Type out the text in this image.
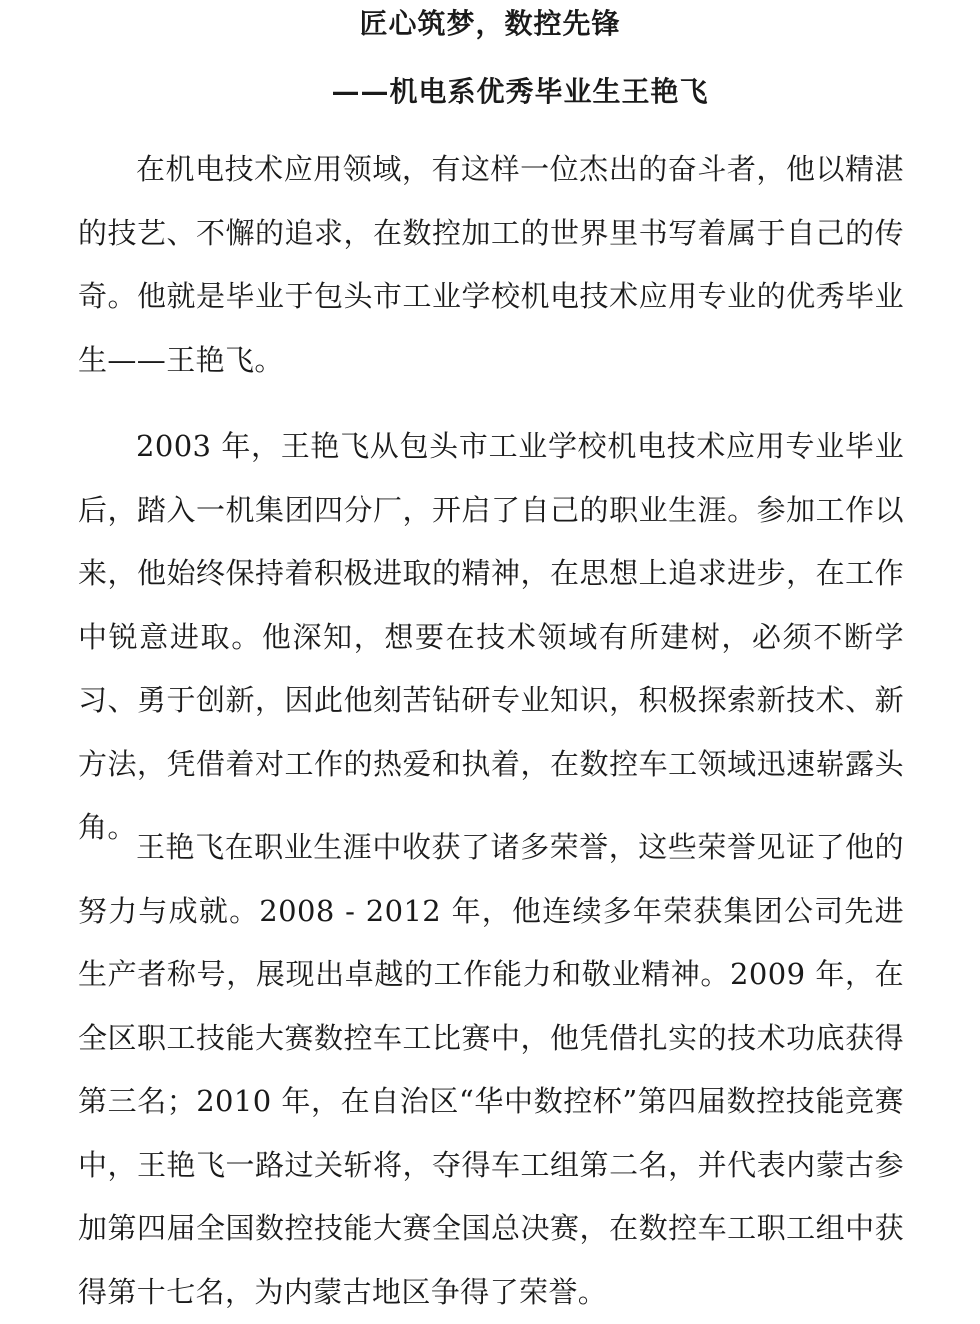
匠心筑梦，数控先锋
——机电系优秀毕业生王艳飞

在机电技术应用领域，有这样一位杰出的奋斗者，他以精湛的技艺、不懈的追求，在数控加工的世界里书写着属于自己的传奇。他就是毕业于包头市工业学校机电技术应用专业的优秀毕业生——王艳飞。

2003 年，王艳飞从包头市工业学校机电技术应用专业毕业后，踏入一机集团四分厂，开启了自己的职业生涯。参加工作以来，他始终保持着积极进取的精神，在思想上追求进步，在工作中锐意进取。他深知，想要在技术领域有所建树，必须不断学习、勇于创新，因此他刻苦钻研专业知识，积极探索新技术、新方法，凭借着对工作的热爱和执着，在数控车工领域迅速崭露头角。

王艳飞在职业生涯中收获了诸多荣誉，这些荣誉见证了他的努力与成就。2008 - 2012 年，他连续多年荣获集团公司先进生产者称号，展现出卓越的工作能力和敬业精神。2009 年，在全区职工技能大赛数控车工比赛中，他凭借扎实的技术功底获得第三名；2010 年，在自治区“华中数控杯”第四届数控技能竞赛中，王艳飞一路过关斩将，夺得车工组第二名，并代表内蒙古参加第四届全国数控技能大赛全国总决赛，在数控车工职工组中获得第十七名，为内蒙古地区争得了荣誉。
